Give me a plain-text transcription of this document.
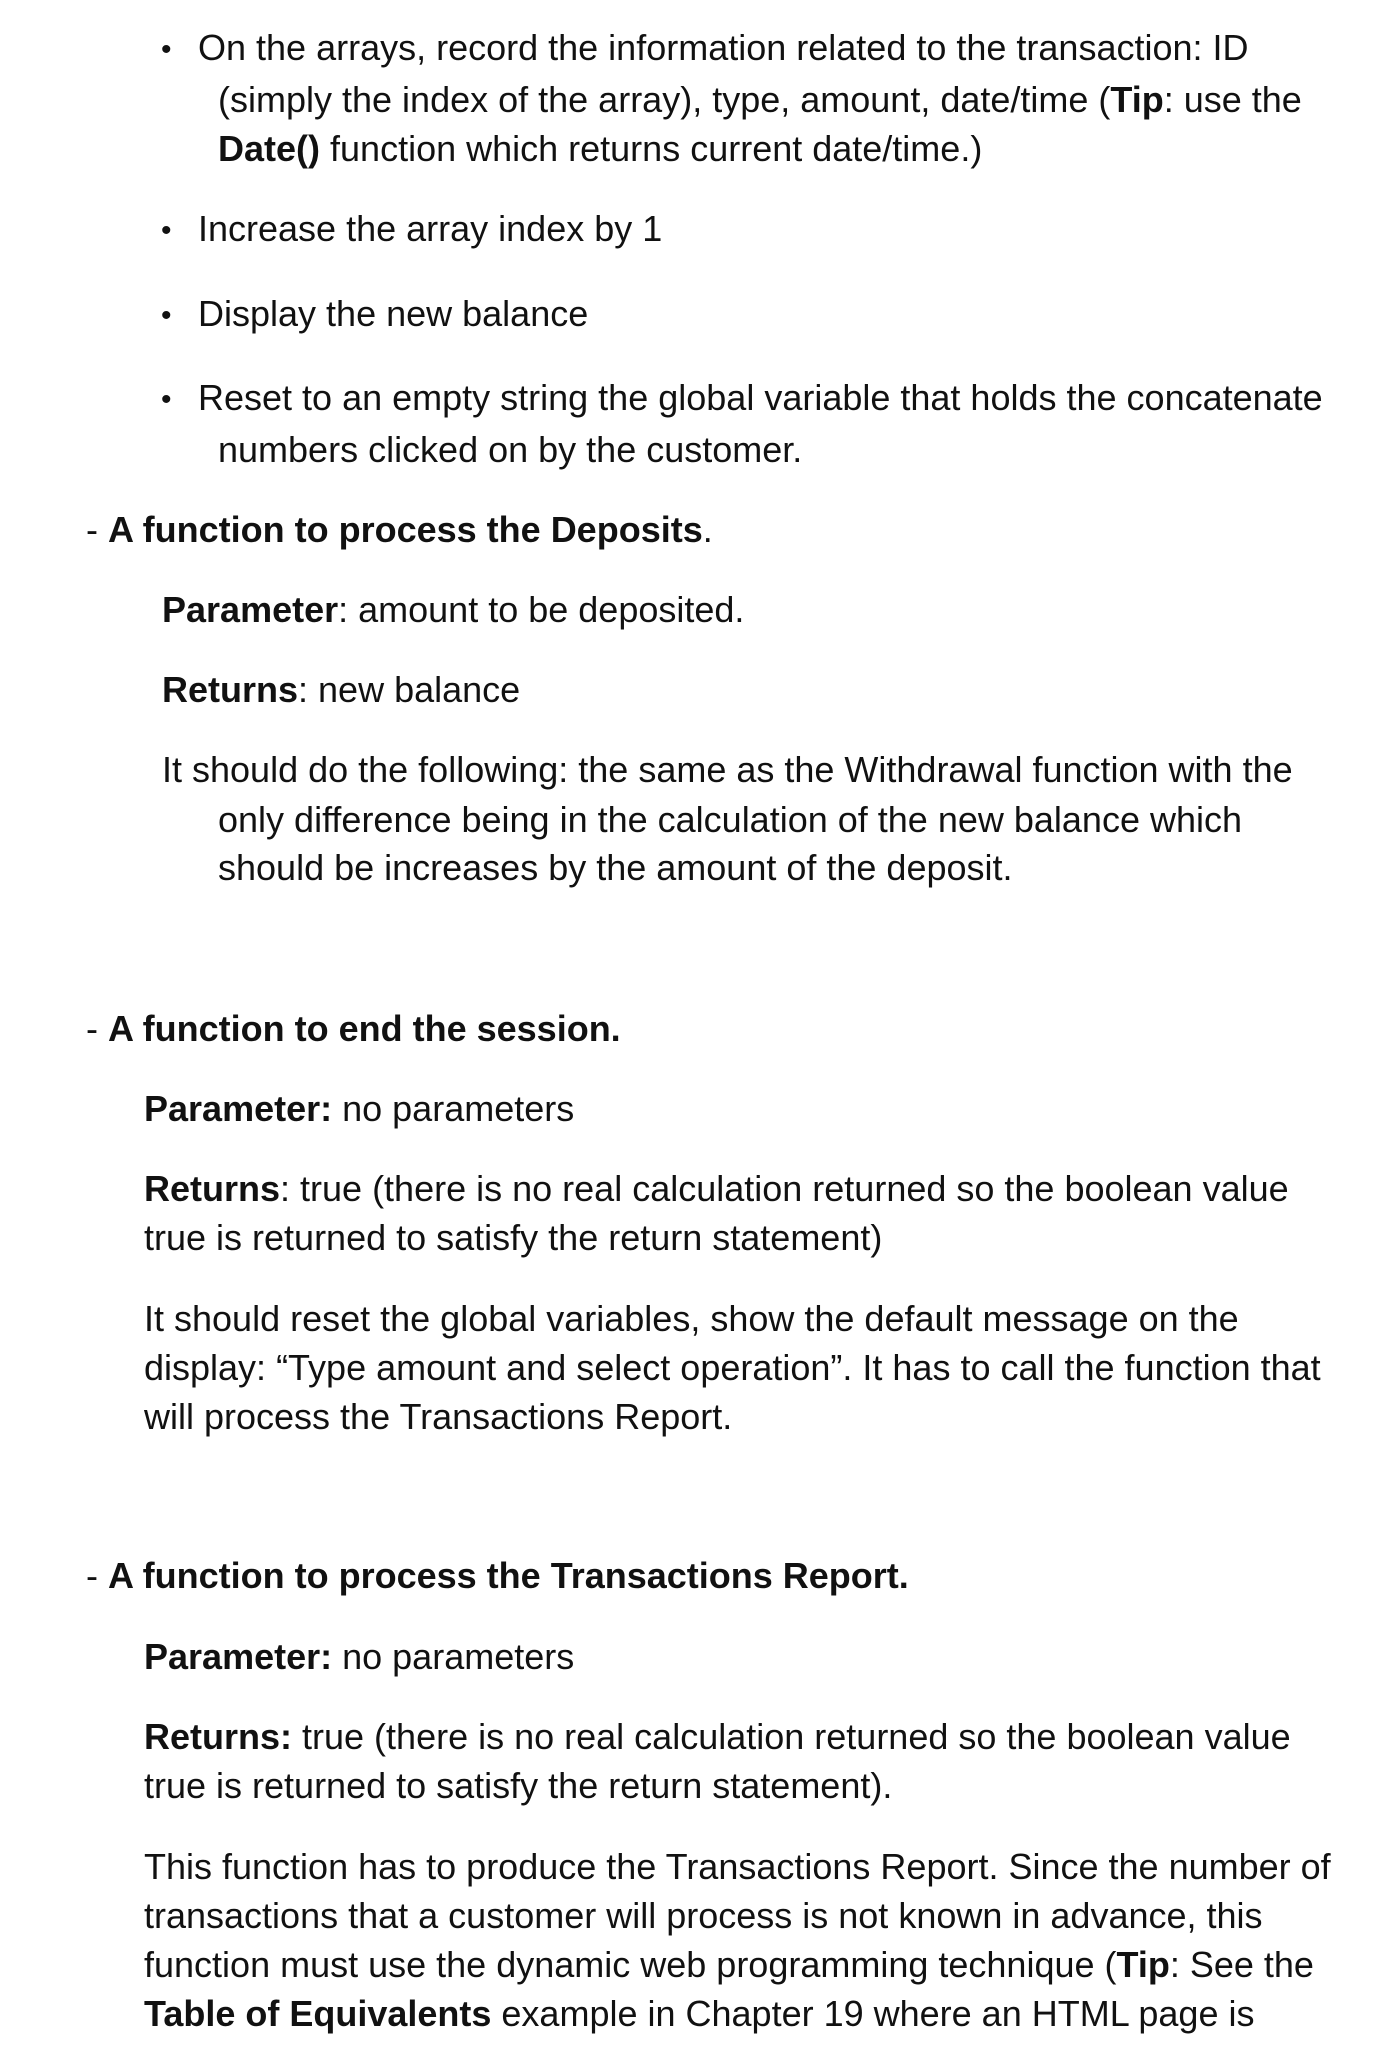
• On the arrays, record the information related to the transaction: ID

(simply the index of the array), type, amount, date/time (Tip: use the

Date() function which returns current date/time.)

• Increase the array index by 1

• Display the new balance

• Reset to an empty string the global variable that holds the concatenate

numbers clicked on by the customer.

- A function to process the Deposits.

Parameter: amount to be deposited.

Returns: new balance

It should do the following: the same as the Withdrawal function with the

only difference being in the calculation of the new balance which

should be increases by the amount of the deposit.

- A function to end the session.

Parameter: no parameters

Returns: true (there is no real calculation returned so the boolean value

true is returned to satisfy the return statement)

It should reset the global variables, show the default message on the

display: “Type amount and select operation”. It has to call the function that

will process the Transactions Report.

- A function to process the Transactions Report.

Parameter: no parameters

Returns: true (there is no real calculation returned so the boolean value

true is returned to satisfy the return statement).

This function has to produce the Transactions Report. Since the number of

transactions that a customer will process is not known in advance, this

function must use the dynamic web programming technique (Tip: See the

Table of Equivalents example in Chapter 19 where an HTML page is
